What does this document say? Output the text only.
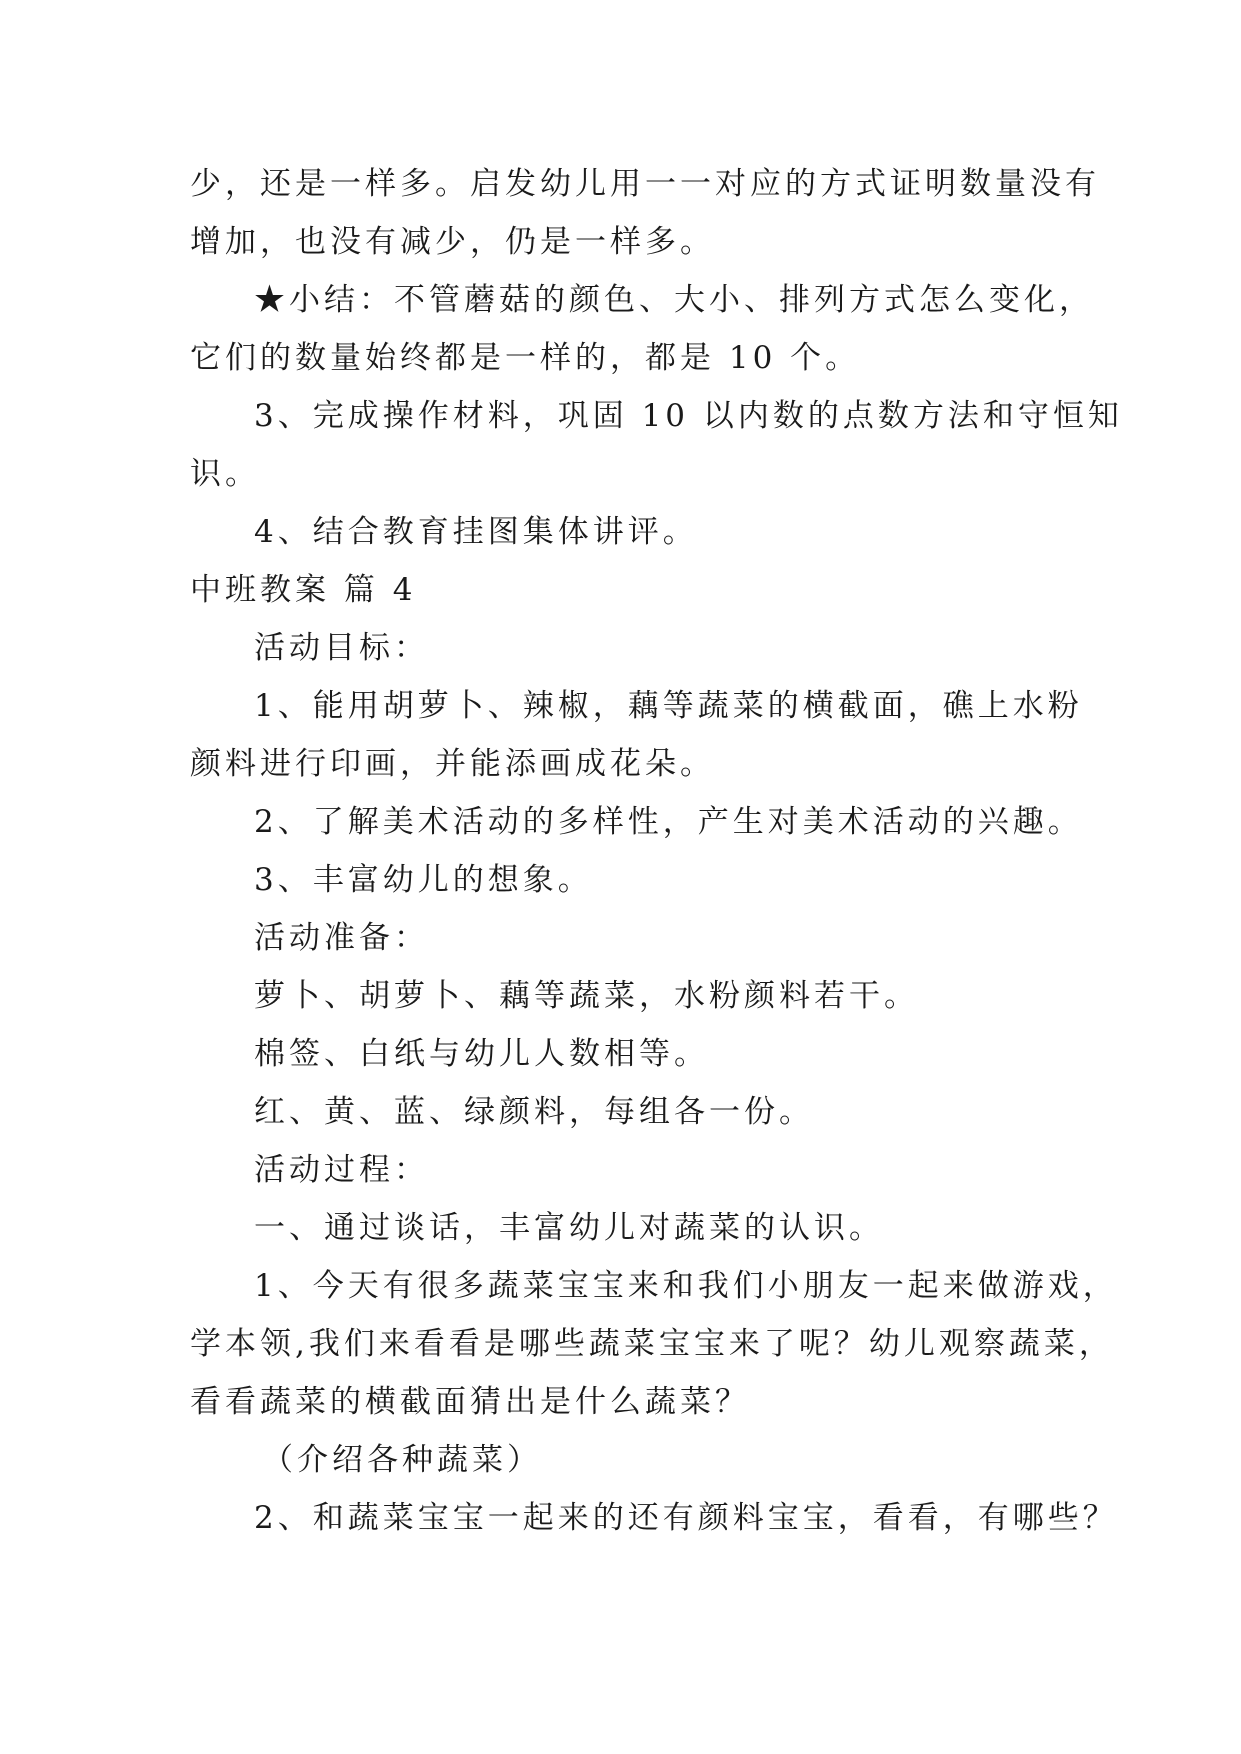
少，还是一样多。启发幼儿用一一对应的方式证明数量没有
增加，也没有减少，仍是一样多。
★小结：不管蘑菇的颜色、大小、排列方式怎么变化，
它们的数量始终都是一样的，都是 10 个。
3、完成操作材料，巩固 10 以内数的点数方法和守恒知
识。
4、结合教育挂图集体讲评。
中班教案 篇 4
活动目标：
1、能用胡萝卜、辣椒，藕等蔬菜的横截面，礁上水粉
颜料进行印画，并能添画成花朵。
2、了解美术活动的多样性，产生对美术活动的兴趣。
3、丰富幼儿的想象。
活动准备：
萝卜、胡萝卜、藕等蔬菜，水粉颜料若干。
棉签、白纸与幼儿人数相等。
红、黄、蓝、绿颜料，每组各一份。
活动过程：
一、通过谈话，丰富幼儿对蔬菜的认识。
1、今天有很多蔬菜宝宝来和我们小朋友一起来做游戏，
学本领,我们来看看是哪些蔬菜宝宝来了呢？幼儿观察蔬菜，
看看蔬菜的横截面猜出是什么蔬菜？
（介绍各种蔬菜）
2、和蔬菜宝宝一起来的还有颜料宝宝，看看，有哪些？
